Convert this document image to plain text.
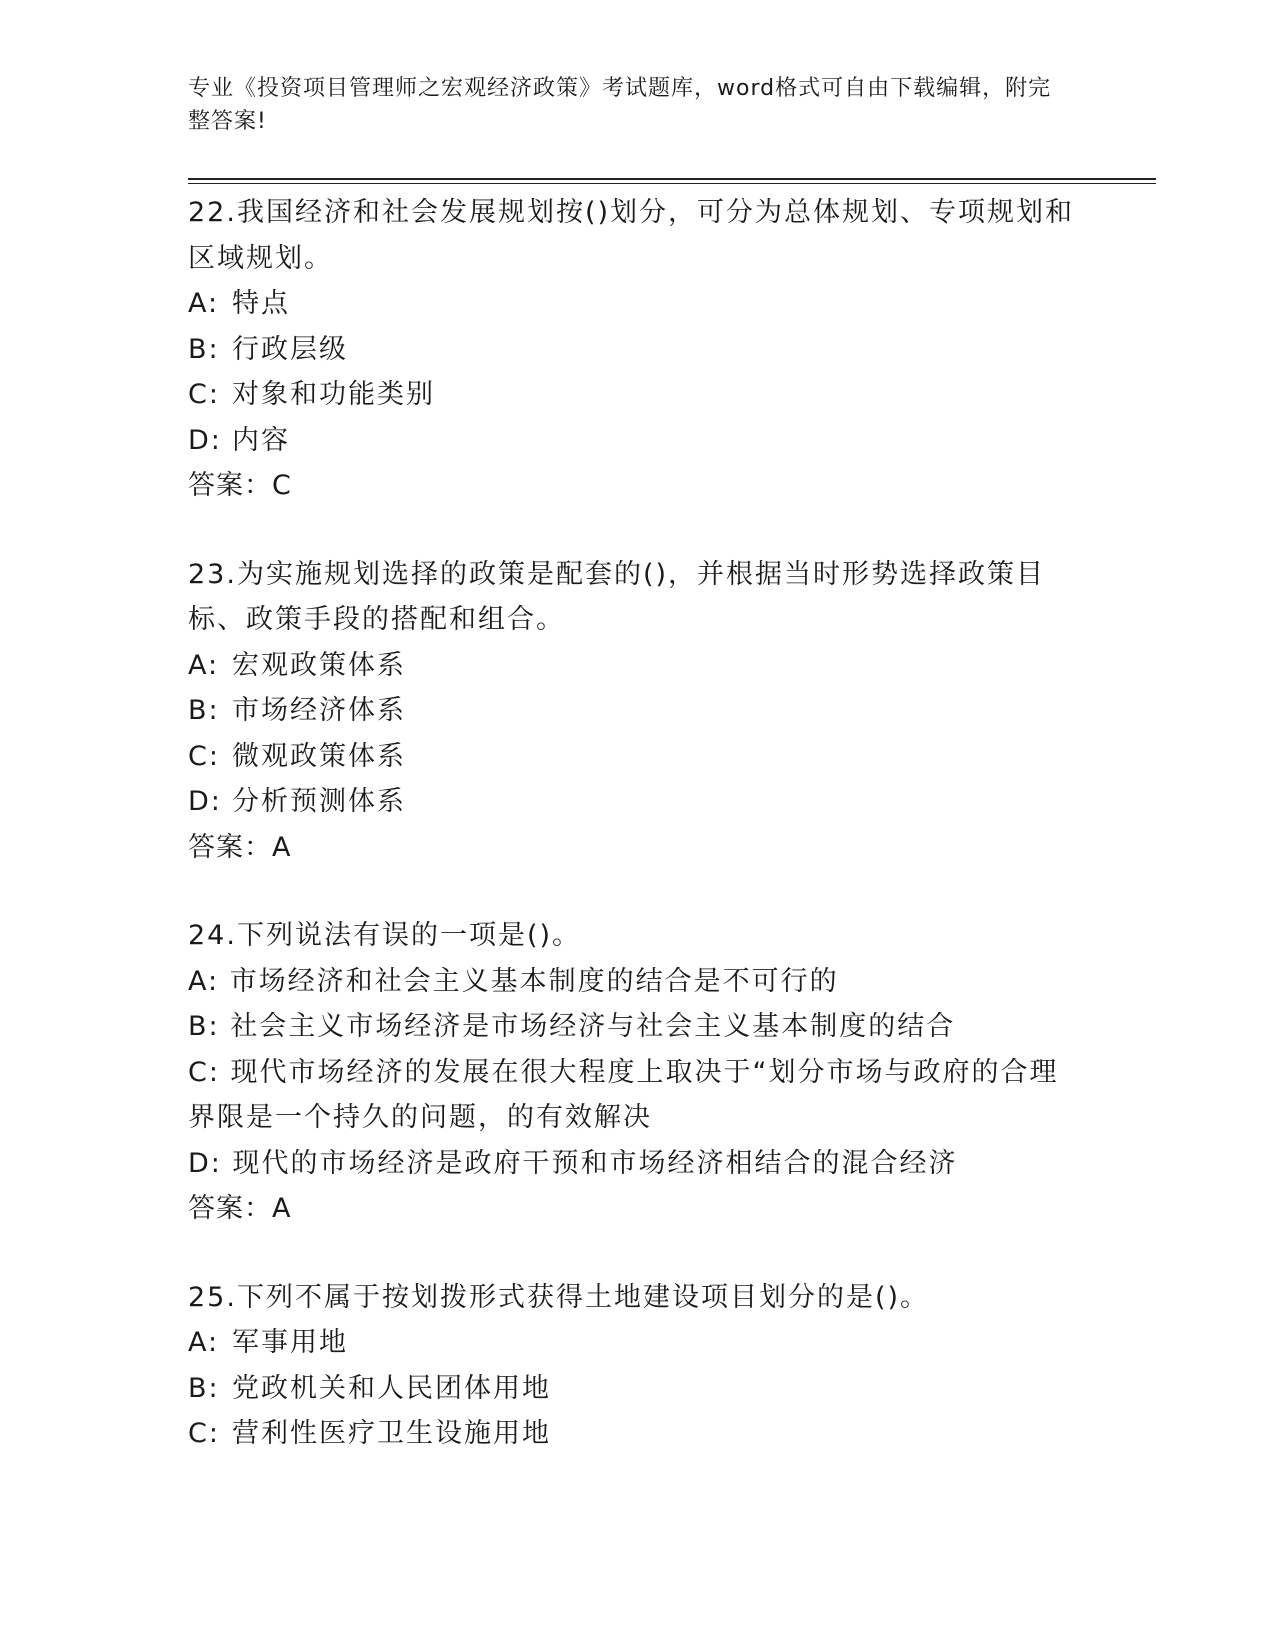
专业《投资项目管理师之宏观经济政策》考试题库，word格式可自由下载编辑，附完整答案!
22.我国经济和社会发展规划按()划分，可分为总体规划、专项规划和区域规划。
A: 特点
B: 行政层级
C: 对象和功能类别
D: 内容
答案：C
23.为实施规划选择的政策是配套的()，并根据当时形势选择政策目标、政策手段的搭配和组合。
A: 宏观政策体系
B: 市场经济体系
C: 微观政策体系
D: 分析预测体系
答案：A
24.下列说法有误的一项是()。
A: 市场经济和社会主义基本制度的结合是不可行的
B: 社会主义市场经济是市场经济与社会主义基本制度的结合
C: 现代市场经济的发展在很大程度上取决于“划分市场与政府的合理界限是一个持久的问题，的有效解决
D: 现代的市场经济是政府干预和市场经济相结合的混合经济
答案：A
25.下列不属于按划拨形式获得土地建设项目划分的是()。
A: 军事用地
B: 党政机关和人民团体用地
C: 营利性医疗卫生设施用地
